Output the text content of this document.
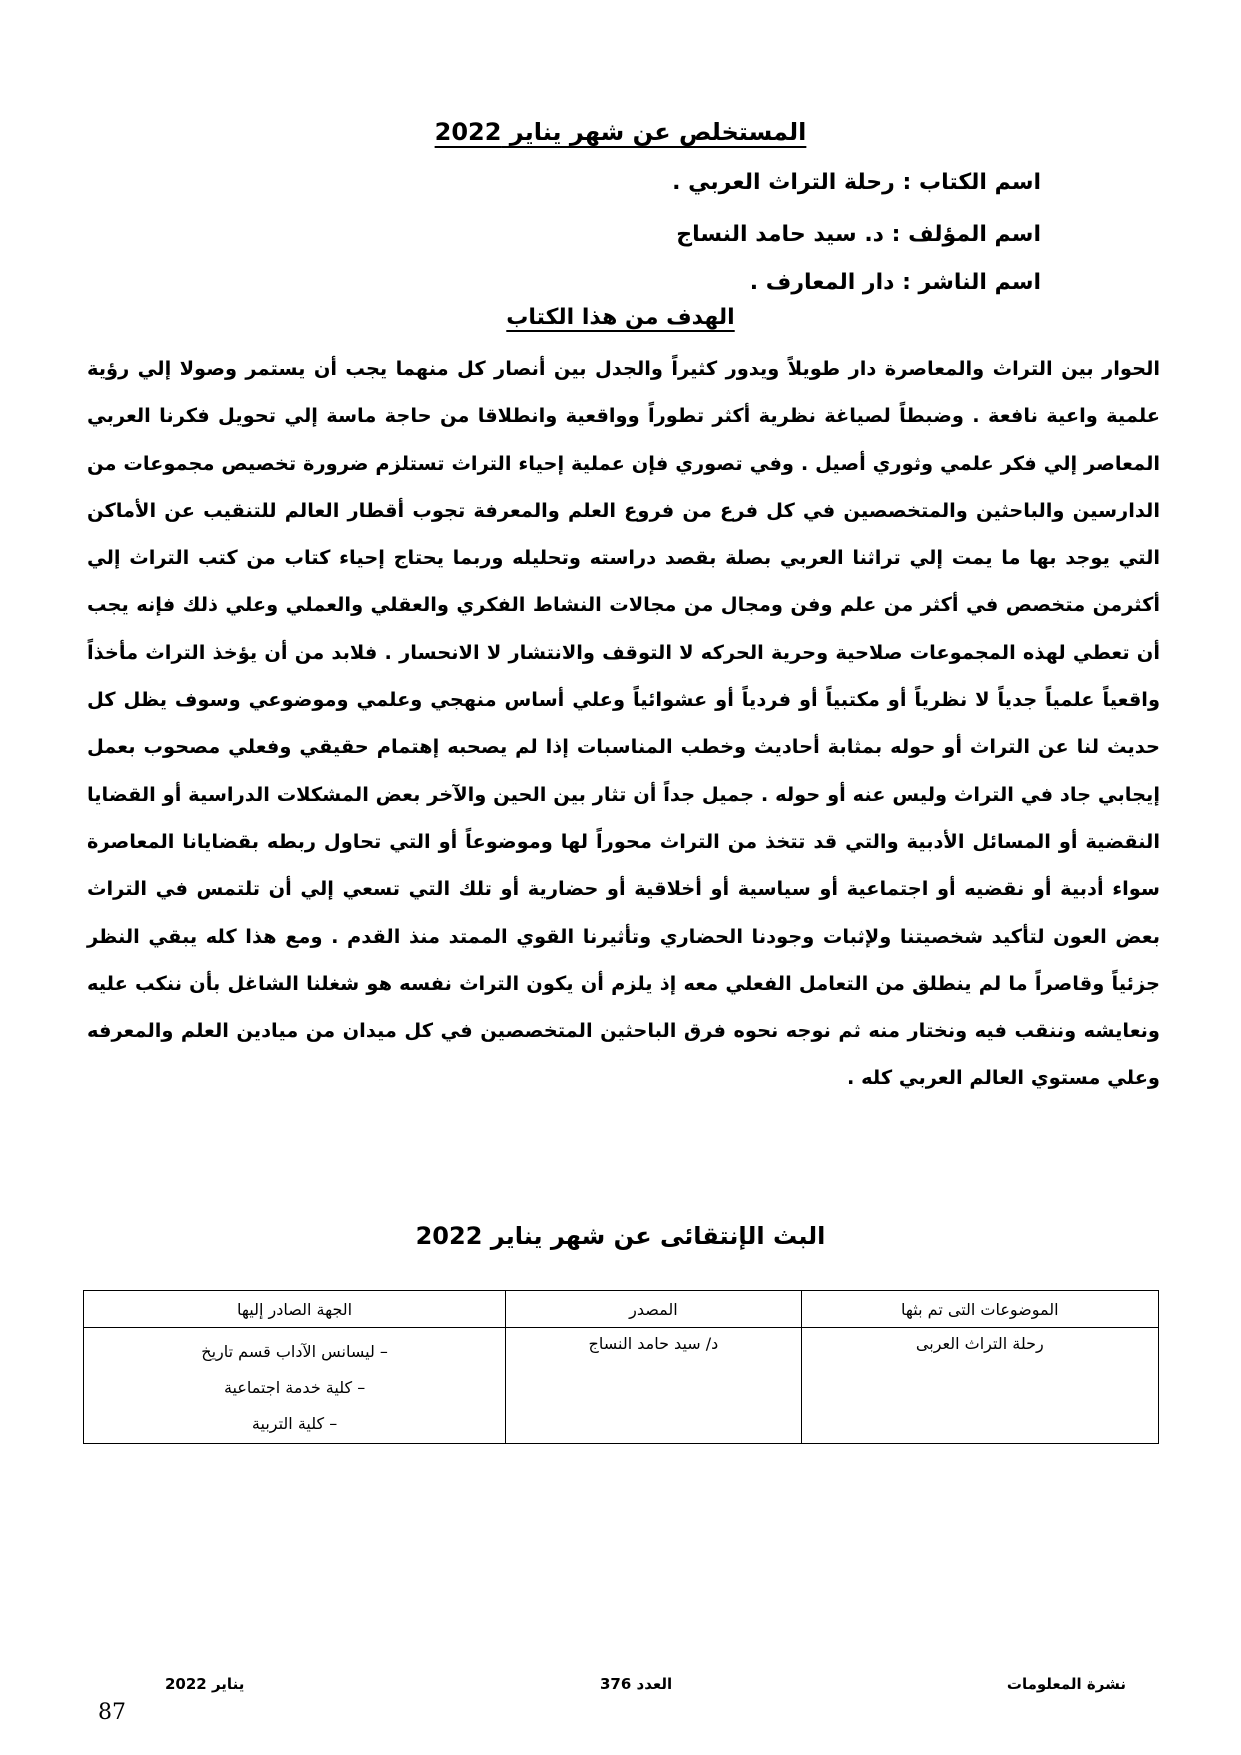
المستخلص عن شهر يناير 2022
اسم الكتاب : رحلة التراث العربي .
اسم المؤلف : د. سيد حامد النساج
اسم الناشر : دار المعارف .
الهدف من هذا الكتاب
الحوار بين التراث والمعاصرة دار طويلاً ويدور كثيراً والجدل بين أنصار كل منهما يجب أن يستمر وصولا إلي رؤية علمية واعية نافعة . وضبطاً لصياغة نظرية أكثر تطوراً وواقعية وانطلاقا من حاجة ماسة إلي تحويل فكرنا العربي المعاصر إلي فكر علمي وثوري أصيل . وفي تصوري فإن عملية إحياء التراث تستلزم ضرورة تخصيص مجموعات من الدارسين والباحثين والمتخصصين في كل فرع من فروع العلم والمعرفة تجوب أقطار العالم للتنقيب عن الأماكن التي يوجد بها ما يمت إلي تراثنا العربي بصلة بقصد دراسته وتحليله وربما يحتاج إحياء كتاب من كتب التراث إلي أكثرمن متخصص في أكثر من علم وفن ومجال من مجالات النشاط الفكري والعقلي والعملي وعلي ذلك فإنه يجب أن تعطي لهذه المجموعات صلاحية وحرية الحركه لا التوقف والانتشار لا الانحسار . فلابد من أن يؤخذ التراث مأخذاً واقعياً علمياً جدياً لا نظرياً أو مكتبياً أو فردياً أو عشوائياً وعلي أساس منهجي وعلمي وموضوعي وسوف يظل كل حديث لنا عن التراث أو حوله بمثابة أحاديث وخطب المناسبات إذا لم يصحبه إهتمام حقيقي وفعلي مصحوب بعمل إيجابي جاد في التراث وليس عنه أو حوله . جميل جداً أن تثار بين الحين والآخر بعض المشكلات الدراسية أو القضايا النقضية أو المسائل الأدبية والتي قد تتخذ من التراث محوراً لها وموضوعاً أو التي تحاول ربطه بقضايانا المعاصرة سواء أدبية أو نقضيه أو اجتماعية أو سياسية أو أخلاقية أو حضارية أو تلك التي تسعي إلي أن تلتمس في التراث بعض العون لتأكيد شخصيتنا ولإثبات وجودنا الحضاري وتأثيرنا القوي الممتد منذ القدم . ومع هذا كله يبقي النظر جزئياً وقاصراً ما لم ينطلق من التعامل الفعلي معه إذ يلزم أن يكون التراث نفسه هو شغلنا الشاغل بأن ننكب عليه ونعايشه وننقب فيه ونختار منه ثم نوجه نحوه فرق الباحثين المتخصصين في كل ميدان من ميادين العلم والمعرفه وعلي مستوي العالم العربي كله .
البث الإنتقائى عن شهر يناير 2022
الموضوعات التى تم بثها	المصدر	الجهة الصادر إليها
رحلة التراث العربى	د/ سيد حامد النساج	– ليسانس الآداب قسم تاريخ
– كلية خدمة اجتماعية
– كلية التربية
نشرة المعلومات
العدد 376
يناير 2022
87
